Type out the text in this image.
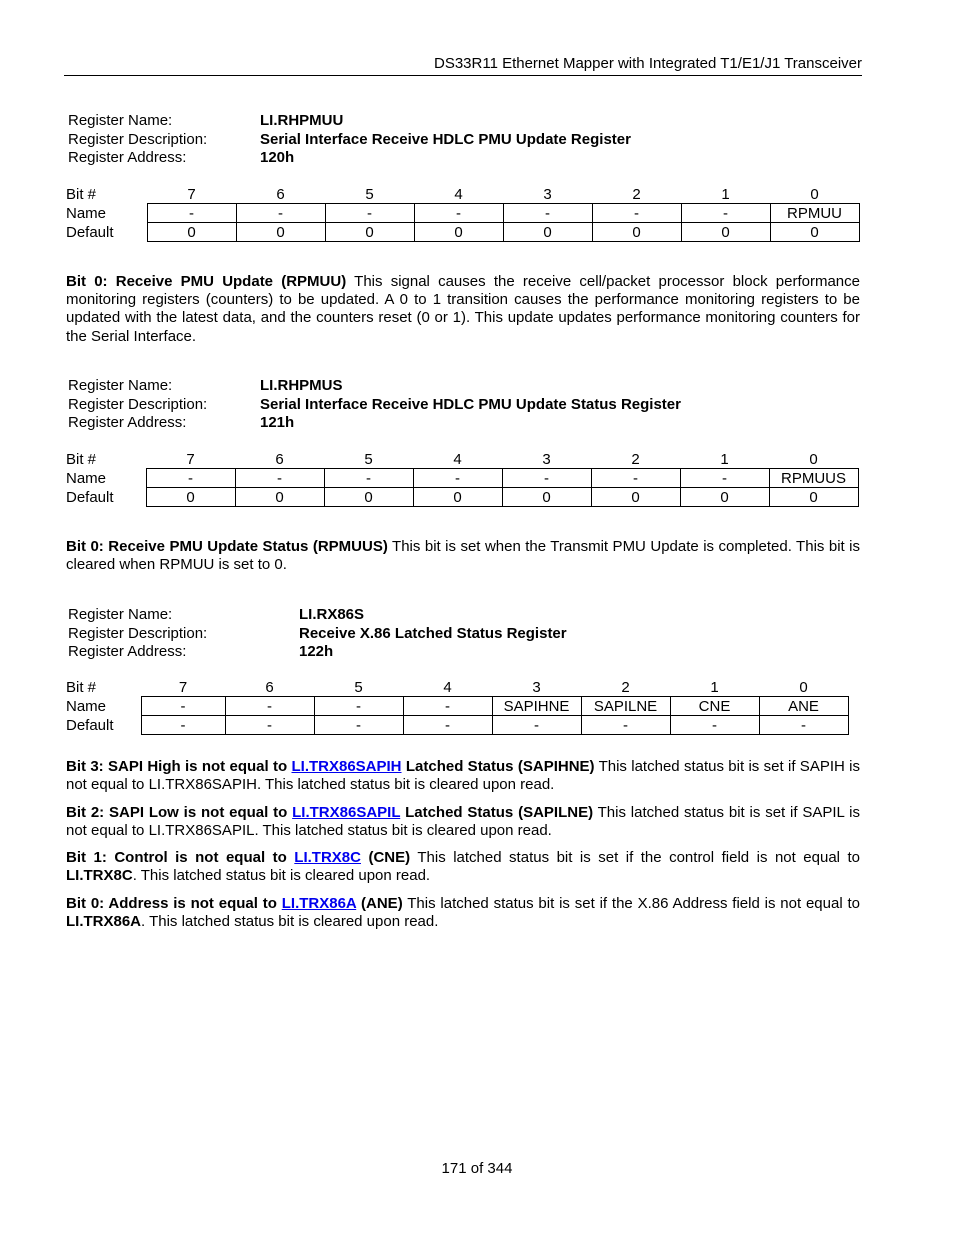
DS33R11 Ethernet Mapper with Integrated T1/E1/J1 Transceiver
Register Name:	LI.RHPMUU
Register Description:	Serial Interface Receive HDLC PMU Update Register
Register Address:	120h
Bit #	7	6	5	4	3	2	1	0
Name	-	-	-	-	-	-	-	RPMUU
Default	0	0	0	0	0	0	0	0
Bit 0: Receive PMU Update (RPMUU) This signal causes the receive cell/packet processor block performance monitoring registers (counters) to be updated. A 0 to 1 transition causes the performance monitoring registers to be updated with the latest data, and the counters reset (0 or 1). This update updates performance monitoring counters for the Serial Interface.
Register Name:	LI.RHPMUS
Register Description:	Serial Interface Receive HDLC PMU Update Status Register
Register Address:	121h
Bit #	7	6	5	4	3	2	1	0
Name	-	-	-	-	-	-	-	RPMUUS
Default	0	0	0	0	0	0	0	0
Bit 0: Receive PMU Update Status (RPMUUS) This bit is set when the Transmit PMU Update is completed. This bit is cleared when RPMUU is set to 0.
Register Name:	LI.RX86S
Register Description:	Receive X.86 Latched Status Register
Register Address:	122h
Bit #	7	6	5	4	3	2	1	0
Name	-	-	-	-	SAPIHNE	SAPILNE	CNE	ANE
Default	-	-	-	-	-	-	-	-
Bit 3: SAPI High is not equal to LI.TRX86SAPIH Latched Status (SAPIHNE) This latched status bit is set if SAPIH is not equal to LI.TRX86SAPIH. This latched status bit is cleared upon read.
Bit 2: SAPI Low is not equal to LI.TRX86SAPIL Latched Status (SAPILNE) This latched status bit is set if SAPIL is not equal to LI.TRX86SAPIL. This latched status bit is cleared upon read.
Bit 1: Control is not equal to LI.TRX8C (CNE) This latched status bit is set if the control field is not equal to LI.TRX8C. This latched status bit is cleared upon read.
Bit 0: Address is not equal to LI.TRX86A (ANE) This latched status bit is set if the X.86 Address field is not equal to LI.TRX86A. This latched status bit is cleared upon read.
171 of 344
